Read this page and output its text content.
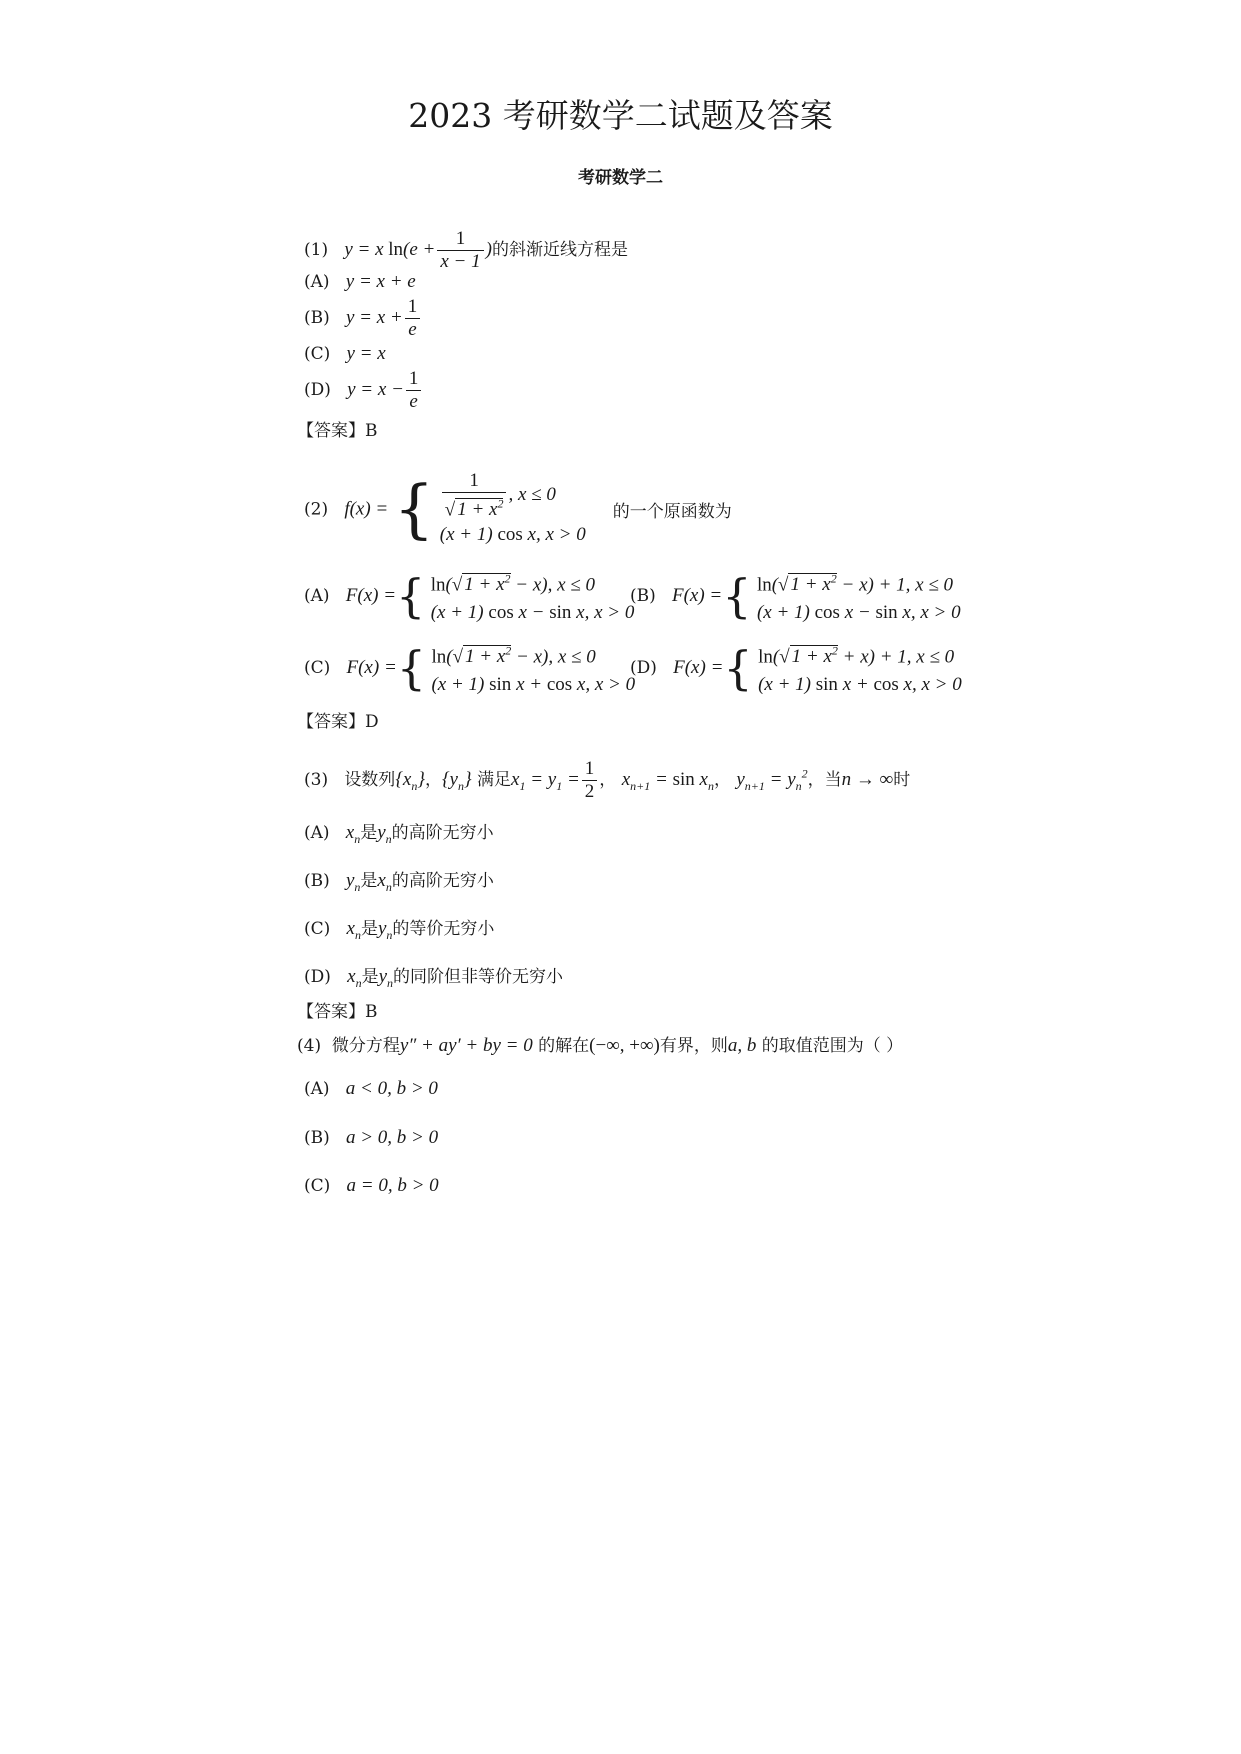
2023 考研数学二试题及答案
考研数学二
(1) y = x $\ln(e + \frac{1}{x - 1}$ )的斜渐近线方程是
(A) y = x + e
(B) $y = x + \frac{1}{e}$
(C) y = x
(D) $y = x - \frac{1}{e}$
【答案】B
(2) f(x) = { $\frac{1}{√ 1 + x^2}$ , x ≤ 0
(x + 1) cos x, x > 0
的一个原函数为
(A) F(x) ={ ln(√ $1 + x^2 - x$), x ≤ 0
(x + 1) cos x − sin x, x > 0
(B) F(x) ={ ln(√ $1 + x^2 - x) + 1$, x ≤ 0
(x + 1) cos x − sin x, x > 0
(C) F(x) ={ ln(√ $1 + x^2 - x$), x ≤ 0
(x + 1) sin x + cos x, x > 0
(D) F(x) ={ ln(√ $1 + x^2 + x) + 1$, x ≤ 0
(x + 1) sin x + cos x, x > 0
【答案】D
(3) 设数列$\{x_n\}$，$\{y_n\}$ 满足$x_1 = y_1 = \frac{1}{2}$ ， $x_{n+1} = \sin x_n$， $y_{n+1} = y_n^2$，当n → ∞时
(A) $x_n$是$y_n$的高阶无穷小
(B) $y_n$是$x_n$的高阶无穷小
(C) $x_n$是$y_n$的等价无穷小
(D) $x_n$是$y_n$的同阶但非等价无穷小
【答案】B
(4) 微分方程y″ + ay′ + by = 0 的解在(−∞, +∞)有界，则a, b 的取值范围为（ ）
(A) a < 0, b > 0
(B) a > 0, b > 0
(C) a = 0, b > 0
